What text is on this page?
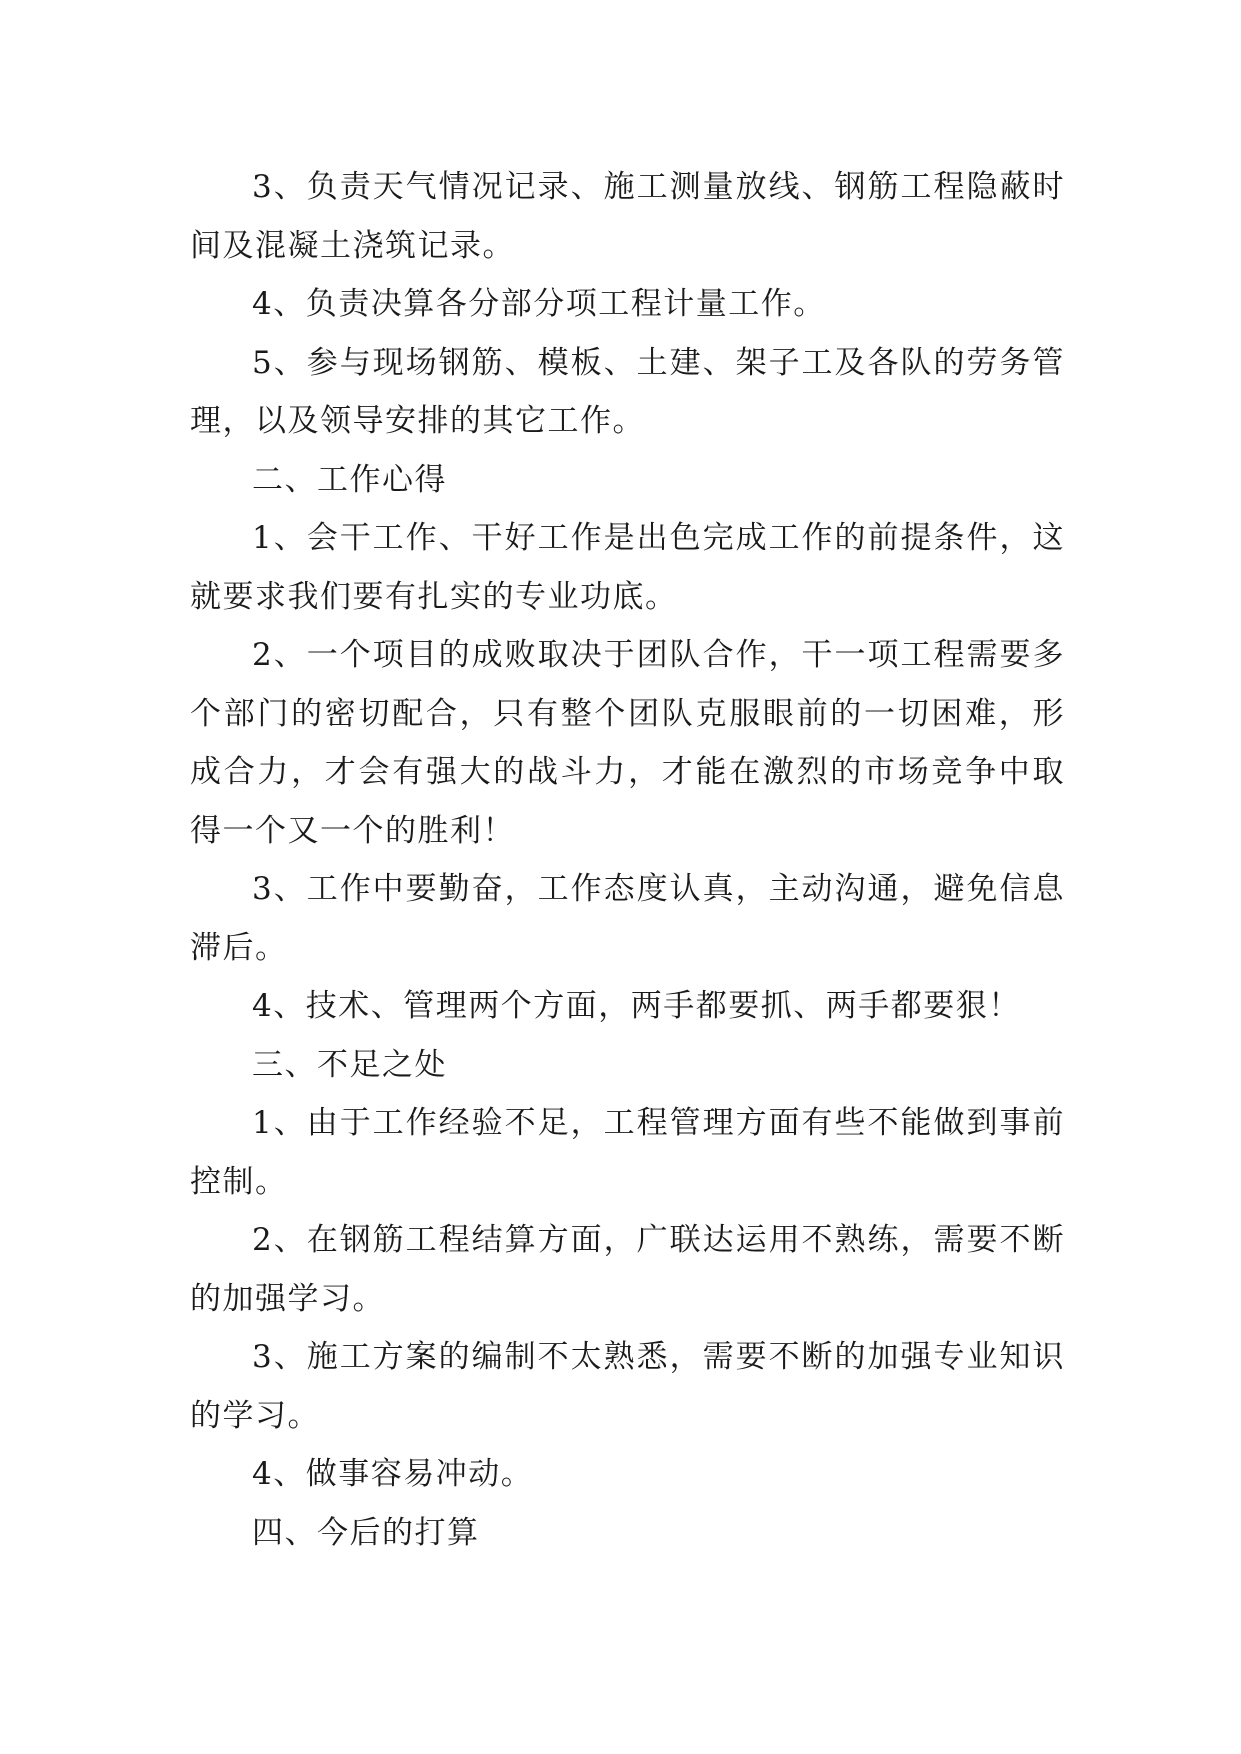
3、负责天气情况记录、施工测量放线、钢筋工程隐蔽时间及混凝土浇筑记录。

4、负责决算各分部分项工程计量工作。

5、参与现场钢筋、模板、土建、架子工及各队的劳务管理，以及领导安排的其它工作。

二、工作心得

1、会干工作、干好工作是出色完成工作的前提条件，这就要求我们要有扎实的专业功底。

2、一个项目的成败取决于团队合作，干一项工程需要多个部门的密切配合，只有整个团队克服眼前的一切困难，形成合力，才会有强大的战斗力，才能在激烈的市场竞争中取得一个又一个的胜利！

3、工作中要勤奋，工作态度认真，主动沟通，避免信息滞后。

4、技术、管理两个方面，两手都要抓、两手都要狠！

三、不足之处

1、由于工作经验不足，工程管理方面有些不能做到事前控制。

2、在钢筋工程结算方面，广联达运用不熟练，需要不断的加强学习。

3、施工方案的编制不太熟悉，需要不断的加强专业知识的学习。

4、做事容易冲动。

四、今后的打算
